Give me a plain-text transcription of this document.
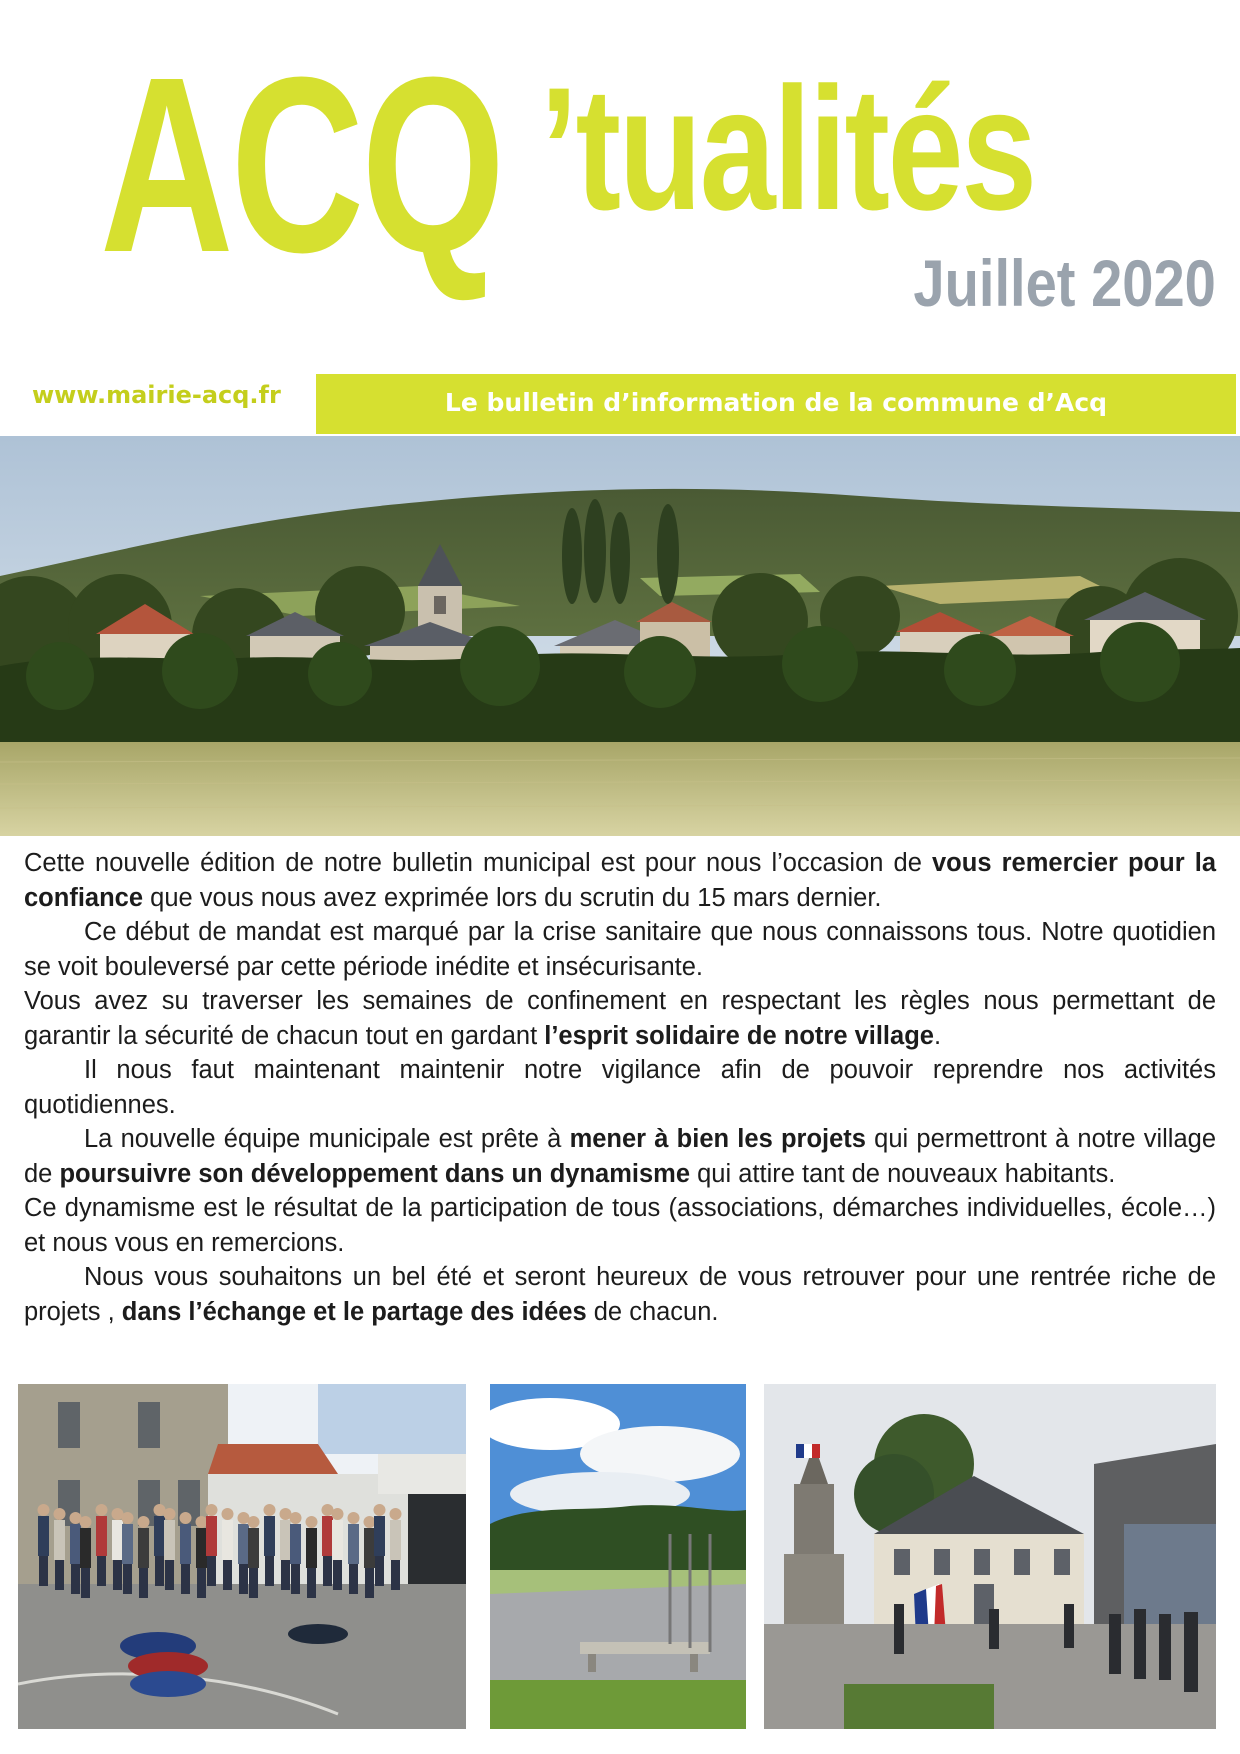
ACQ ’tualités
Juillet 2020
www.mairie-acq.fr	Le bulletin d’information de la commune d’Acq

Cette nouvelle édition de notre bulletin municipal est pour nous l’occasion de vous remercier pour la confiance que vous nous avez exprimée lors du scrutin du 15 mars dernier.

Ce début de mandat est marqué par la crise sanitaire que nous connaissons tous. Notre quotidien se voit bouleversé par cette période inédite et insécurisante.

Vous avez su traverser les semaines de confinement en respectant les règles nous permettant de garantir la sécurité de chacun tout en gardant l’esprit solidaire de notre village.

Il nous faut maintenant maintenir notre vigilance afin de pouvoir reprendre nos activités quotidiennes.

La nouvelle équipe municipale est prête à mener à bien les projets qui permettront à notre village de poursuivre son développement dans un dynamisme qui attire tant de nouveaux habitants.

Ce dynamisme est le résultat de la participation de tous (associations, démarches individuelles, école…) et nous vous en remercions.

Nous vous souhaitons un bel été et seront heureux de vous retrouver pour une rentrée riche de projets , dans l’échange et le partage des idées de chacun.
